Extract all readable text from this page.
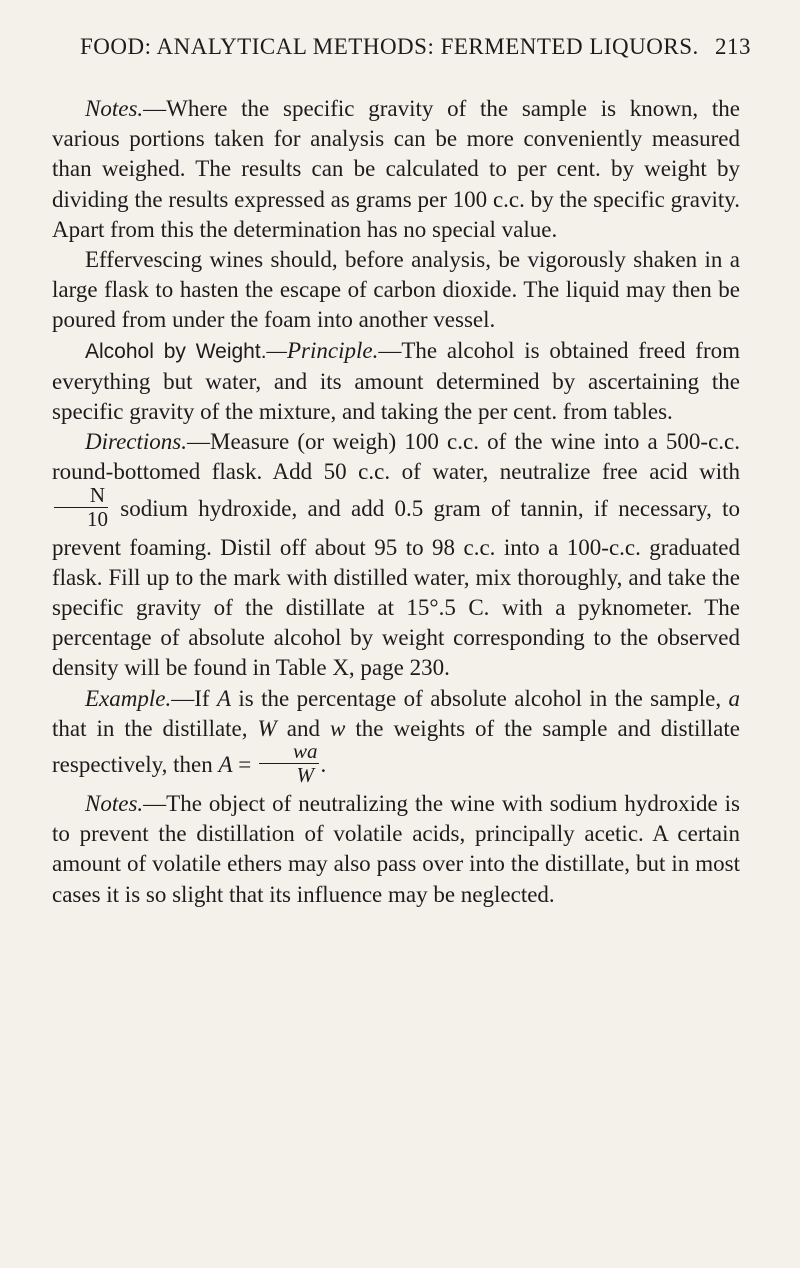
FOOD: ANALYTICAL METHODS: FERMENTED LIQUORS. 213

Notes.—Where the specific gravity of the sample is known, the various portions taken for analysis can be more conveniently measured than weighed. The results can be calculated to per cent. by weight by dividing the results expressed as grams per 100 c.c. by the specific gravity. Apart from this the determination has no special value.

Effervescing wines should, before analysis, be vigorously shaken in a large flask to hasten the escape of carbon dioxide. The liquid may then be poured from under the foam into another vessel.

Alcohol by Weight.—Principle.—The alcohol is obtained freed from everything but water, and its amount determined by ascertaining the specific gravity of the mixture, and taking the per cent. from tables.

Directions.—Measure (or weigh) 100 c.c. of the wine into a 500-c.c. round-bottomed flask. Add 50 c.c. of water, neutralize free acid with
$\frac{N}{10}$ sodium hydroxide, and add 0.5 gram of tannin, if necessary, to prevent foaming. Distil off about 95 to 98 c.c. into a 100-c.c. graduated flask. Fill up to the mark with distilled water, mix thoroughly, and take the specific gravity of the distillate at 15°.5 C. with a pyknometer. The percentage of absolute alcohol by weight corresponding to the observed density will be found in Table X, page 230.

Example.—If A is the percentage of absolute alcohol in the sample, a that in the distillate, W and w the weights of the sample and distillate respectively, then $A = \frac{wa}{W}$ .

Notes.—The object of neutralizing the wine with sodium hydroxide is to prevent the distillation of volatile acids, principally acetic. A certain amount of volatile ethers may also pass over into the distillate, but in most cases it is so slight that its influence may be neglected.
